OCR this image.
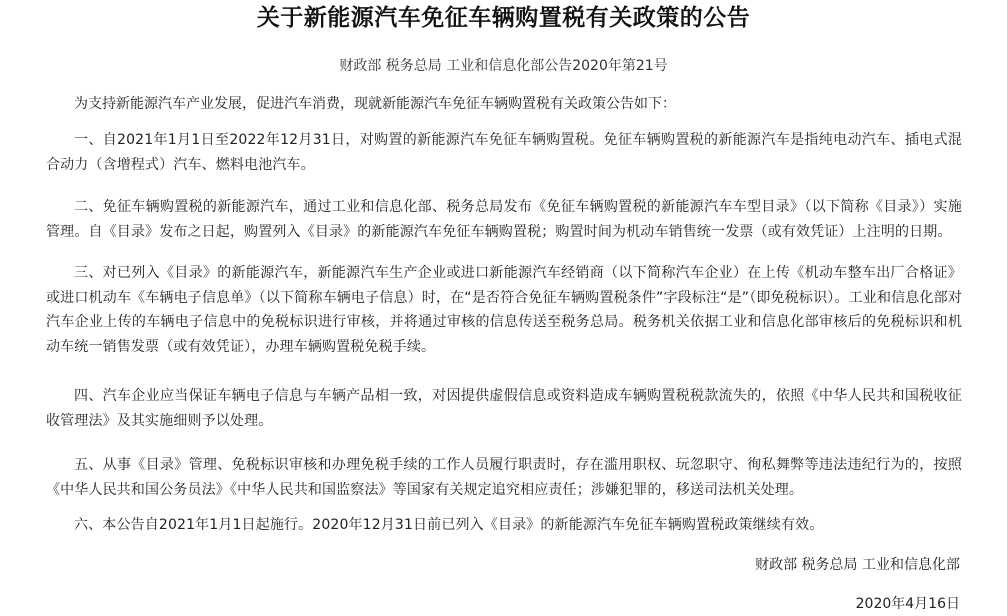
关于新能源汽车免征车辆购置税有关政策的公告
财政部 税务总局 工业和信息化部公告2020年第21号
为支持新能源汽车产业发展，促进汽车消费，现就新能源汽车免征车辆购置税有关政策公告如下：
一、自2021年1月1日至2022年12月31日，对购置的新能源汽车免征车辆购置税。免征车辆购置税的新能源汽车是指纯电动汽车、插电式混合动力（含增程式）汽车、燃料电池汽车。
二、免征车辆购置税的新能源汽车，通过工业和信息化部、税务总局发布《免征车辆购置税的新能源汽车车型目录》（以下简称《目录》）实施管理。自《目录》发布之日起，购置列入《目录》的新能源汽车免征车辆购置税；购置时间为机动车销售统一发票（或有效凭证）上注明的日期。
三、对已列入《目录》的新能源汽车，新能源汽车生产企业或进口新能源汽车经销商（以下简称汽车企业）在上传《机动车整车出厂合格证》或进口机动车《车辆电子信息单》（以下简称车辆电子信息）时，在“是否符合免征车辆购置税条件”字段标注“是”（即免税标识）。工业和信息化部对汽车企业上传的车辆电子信息中的免税标识进行审核，并将通过审核的信息传送至税务总局。税务机关依据工业和信息化部审核后的免税标识和机动车统一销售发票（或有效凭证），办理车辆购置税免税手续。
四、汽车企业应当保证车辆电子信息与车辆产品相一致，对因提供虚假信息或资料造成车辆购置税税款流失的，依照《中华人民共和国税收征收管理法》及其实施细则予以处理。
五、从事《目录》管理、免税标识审核和办理免税手续的工作人员履行职责时，存在滥用职权、玩忽职守、徇私舞弊等违法违纪行为的，按照《中华人民共和国公务员法》《中华人民共和国监察法》等国家有关规定追究相应责任；涉嫌犯罪的，移送司法机关处理。
六、本公告自2021年1月1日起施行。2020年12月31日前已列入《目录》的新能源汽车免征车辆购置税政策继续有效。
财政部 税务总局 工业和信息化部
2020年4月16日
